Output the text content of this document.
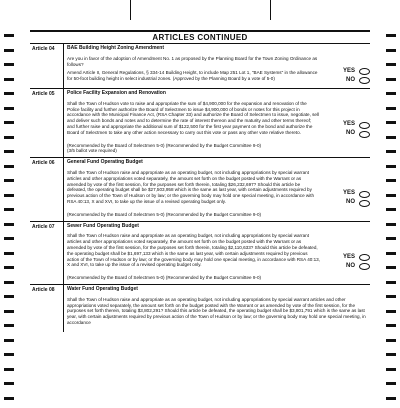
ARTICLES CONTINUED
Article 04	BAE Building Height Zoning Amendment
Are you in favor of the adoption of Amendment No. 1 as proposed by the Planning Board for the Town Zoning Ordinance as follows?
Amend Article II, General Regulations, § 334-14 Building Height, to include Map 251 Lot 1, "BAE Systems" in the allowance for 50-foot building height in select industrial zones. (Approved by the Planning Board by a vote of 5-0)
YES
NO
Article 05	Police Facility Expansion and Renovation
Shall the Town of Hudson vote to raise and appropriate the sum of $4,900,000 for the expansion and renovation of the Police facility and further authorize the Board of Selectmen to issue $4,900,000 of bonds or notes for this project in accordance with the Municipal Finance Act, (RSA Chapter 33) and authorize the Board of Selectmen to issue, negotiate, sell and deliver such bonds and notes and to determine the rate of interest thereon and the maturity and other terms thereof; and further raise and appropriate the additional sum of $122,500 for the first year payment on the bond and authorize the Board of Selectmen to take any other action necessary to carry out this vote or pass any other vote relative thereto.
YES
NO
(Recommended by the Board of Selectmen 5-0) (Recommended by the Budget Committee 9-0)
(3/5 ballot vote required)
Article 06	General Fund Operating Budget
Shall the Town of Hudson raise and appropriate as an operating budget, not including appropriations by special warrant articles and other appropriations voted separately, the amount set forth on the budget posted with the Warrant or as amended by vote of the first session, for the purposes set forth therein, totaling $26,232,697? Should this article be defeated, the operating budget shall be $27,503,958 which is the same as last year, with certain adjustments required by previous action of the Town of Hudson or by law; or the governing body may hold one special meeting, in accordance with RSA 40:13, X and XVI, to take up the issue of a revised operating budget only.
YES
NO
(Recommended by the Board of Selectmen 5-0) (Recommended by the Budget Committee 9-0)
Article 07	Sewer Fund Operating Budget
Shall the Town of Hudson raise and appropriate as an operating budget, not including appropriations by special warrant articles and other appropriations voted separately, the amount set forth on the budget posted with the Warrant or as amended by vote of the first session, for the purposes set forth therein, totaling $2,110,633? Should this article be defeated, the operating budget shall be $1,697,133 which is the same as last year, with certain adjustments required by previous action of the Town of Hudson or by law; or the governing body may hold one special meeting, in accordance with RSA 40:13, X and XVI, to take up the issue of a revised operating budget only.
YES
NO
(Recommended by the Board of Selectmen 5-0) (Recommended by the Budget Committee 9-0)
Article 08	Water Fund Operating Budget
Shall the Town of Hudson raise and appropriate as an operating budget, not including appropriations by special warrant articles and other appropriations voted separately, the amount set forth on the budget posted with the Warrant or as amended by vote of the first session, for the purposes set forth therein, totaling $3,802,291? Should this article be defeated, the operating budget shall be $3,801,791 which is the same as last year, with certain adjustments required by previous action of the Town of Hudson or by law; or the governing body may hold one special meeting, in accordance
